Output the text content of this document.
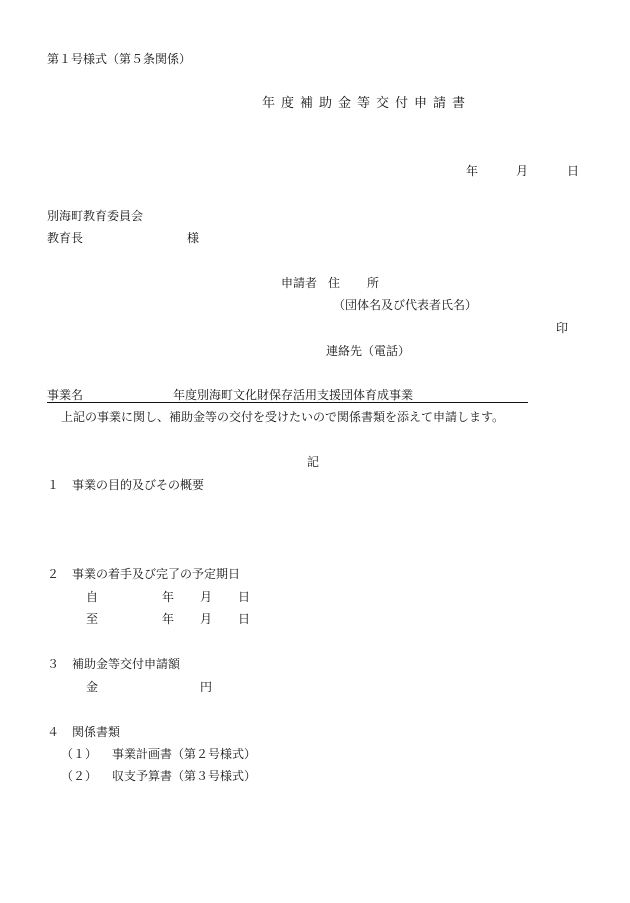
第１号様式（第５条関係）
年度補助金等交付申請書
年	月	日
別海町教育委員会
教育長	様
申請者 住 所
（団体名及び代表者氏名）
印
連絡先（電話）
事業名	年度別海町文化財保存活用支援団体育成事業
上記の事業に関し、補助金等の交付を受けたいので関係書類を添えて申請します。
記
１ 事業の目的及びその概要
２ 事業の着手及び完了の予定期日
自	年 月 日
至	年 月 日
３ 補助金等交付申請額
金	円
４ 関係書類
（１） 事業計画書（第２号様式）
（２） 収支予算書（第３号様式）
